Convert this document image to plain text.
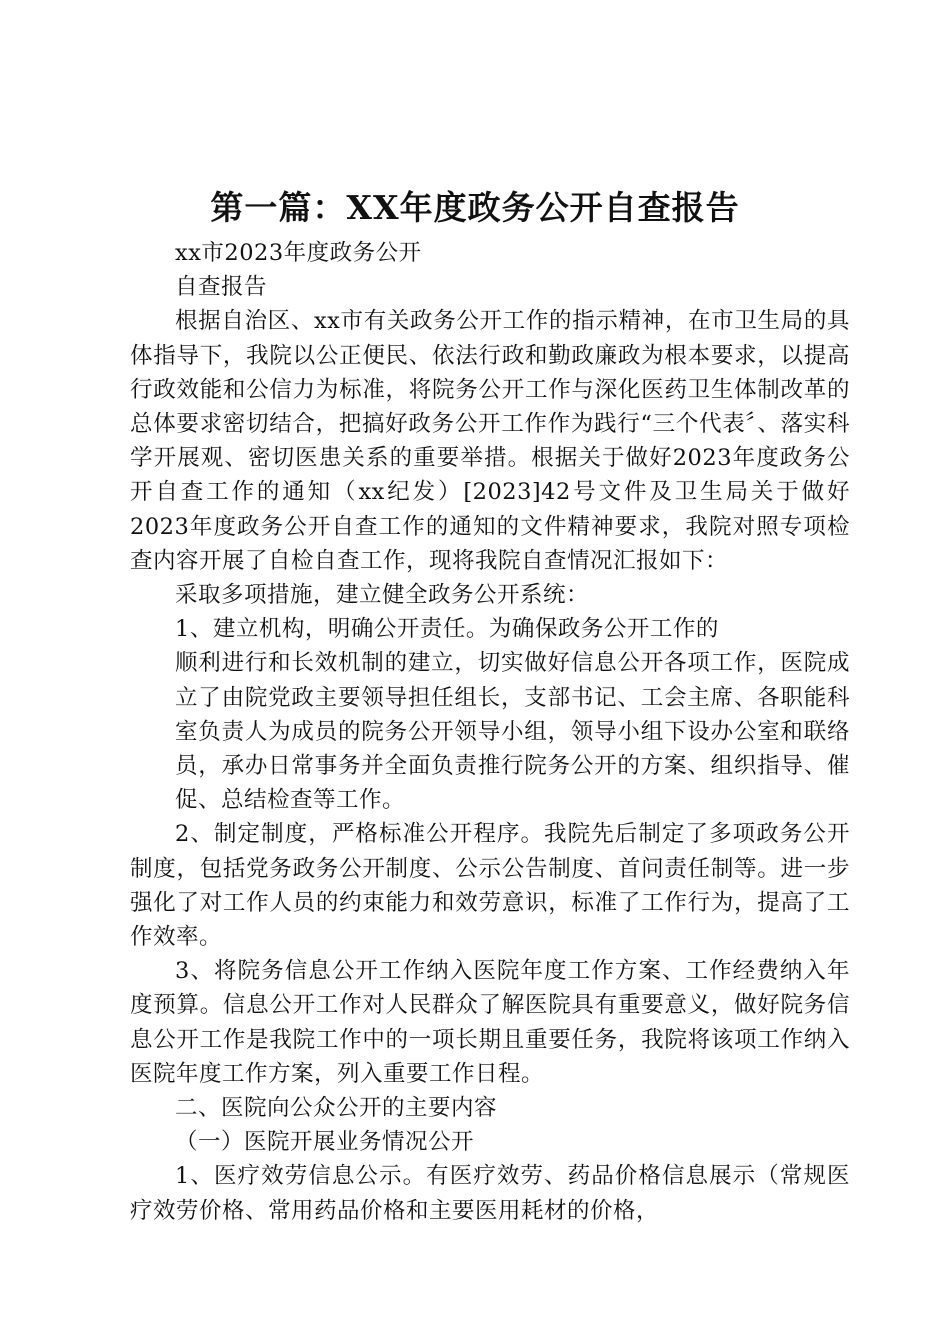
第一篇：XX年度政务公开自查报告

xx市2023年度政务公开

自查报告

根据自治区、xx市有关政务公开工作的指示精神，在市卫生局的具体指导下，我院以公正便民、依法行政和勤政廉政为根本要求，以提高行政效能和公信力为标准，将院务公开工作与深化医药卫生体制改革的总体要求密切结合，把搞好政务公开工作作为践行“三个代表〞、落实科学开展观、密切医患关系的重要举措。根据关于做好2023年度政务公开自查工作的通知（xx纪发）[2023]42号文件及卫生局关于做好2023年度政务公开自查工作的通知的文件精神要求，我院对照专项检查内容开展了自检自查工作，现将我院自查情况汇报如下：

采取多项措施，建立健全政务公开系统：

1、建立机构，明确公开责任。为确保政务公开工作的

顺利进行和长效机制的建立，切实做好信息公开各项工作，医院成立了由院党政主要领导担任组长，支部书记、工会主席、各职能科室负责人为成员的院务公开领导小组，领导小组下设办公室和联络员，承办日常事务并全面负责推行院务公开的方案、组织指导、催促、总结检查等工作。

2、制定制度，严格标准公开程序。我院先后制定了多项政务公开制度，包括党务政务公开制度、公示公告制度、首问责任制等。进一步强化了对工作人员的约束能力和效劳意识，标准了工作行为，提高了工作效率。

3、将院务信息公开工作纳入医院年度工作方案、工作经费纳入年度预算。信息公开工作对人民群众了解医院具有重要意义，做好院务信息公开工作是我院工作中的一项长期且重要任务，我院将该项工作纳入医院年度工作方案，列入重要工作日程。

二、医院向公众公开的主要内容

（一）医院开展业务情况公开

1、医疗效劳信息公示。有医疗效劳、药品价格信息展示（常规医疗效劳价格、常用药品价格和主要医用耗材的价格，
